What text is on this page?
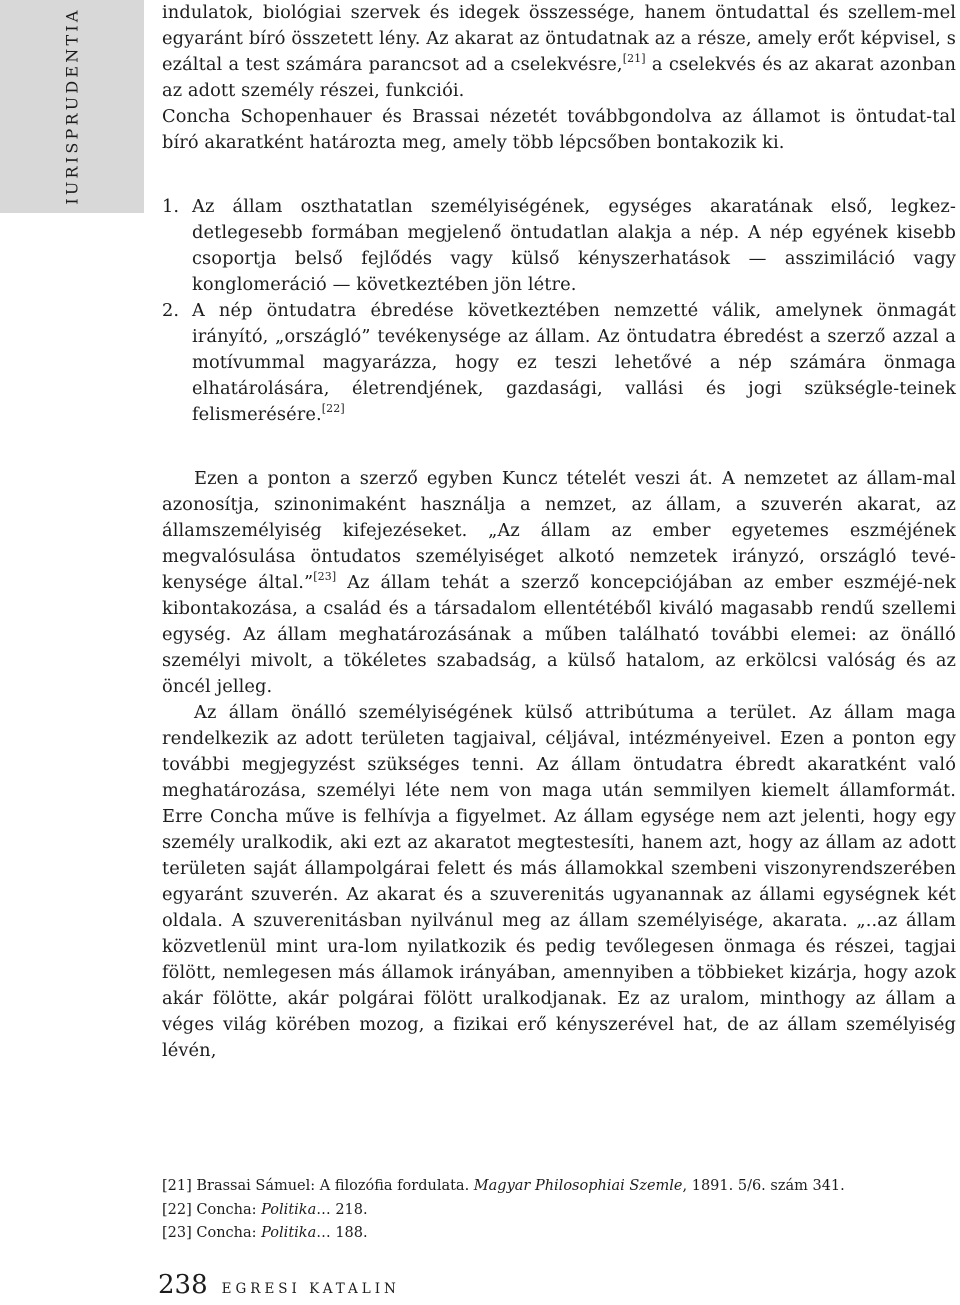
IURISPRUDENTIA	indulatok, biológiai szervek és idegek összessége, hanem öntudattal és szellem-mel egyaránt bíró összetett lény. Az akarat az öntudatnak az a része, amely erőt képvisel, s ezáltal a test számára parancsot ad a cselekvésre,[21] a cselekvés és az akarat azonban az adott személy részei, funkciói.

Concha Schopenhauer és Brassai nézetét továbbgondolva az államot is öntudat-tal bíró akaratként határozta meg, amely több lépcsőben bontakozik ki.

1. Az állam oszthatatlan személyiségének, egységes akaratának első, legkez-detlegesebb formában megjelenő öntudatlan alakja a nép. A nép egyének kisebb csoportja belső fejlődés vagy külső kényszerhatások — asszimiláció vagy konglomeráció — következtében jön létre.
2. A nép öntudatra ébredése következtében nemzetté válik, amelynek önmagát irányító, „országló” tevékenysége az állam. Az öntudatra ébredést a szerző azzal a motívummal magyarázza, hogy ez teszi lehetővé a nép számára önmaga elhatárolására, életrendjének, gazdasági, vallási és jogi szükségle-teinek felismerésére.[22]

Ezen a ponton a szerző egyben Kuncz tételét veszi át. A nemzetet az állam-mal azonosítja, szinonimaként használja a nemzet, az állam, a szuverén akarat, az államszemélyiség kifejezéseket. „Az állam az ember egyetemes eszméjének megvalósulása öntudatos személyiséget alkotó nemzetek irányzó, országló tevé-kenysége által.”[23] Az állam tehát a szerző koncepciójában az ember eszméjé-nek kibontakozása, a család és a társadalom ellentétéből kiváló magasabb rendű szellemi egység. Az állam meghatározásának a műben található további elemei: az önálló személyi mivolt, a tökéletes szabadság, a külső hatalom, az erkölcsi valóság és az öncél jelleg.

Az állam önálló személyiségének külső attribútuma a terület. Az állam maga rendelkezik az adott területen tagjaival, céljával, intézményeivel. Ezen a ponton egy további megjegyzést szükséges tenni. Az állam öntudatra ébredt akaratként való meghatározása, személyi léte nem von maga után semmilyen kiemelt államformát. Erre Concha műve is felhívja a figyelmet. Az állam egysége nem azt jelenti, hogy egy személy uralkodik, aki ezt az akaratot megtestesíti, hanem azt, hogy az állam az adott területen saját állampolgárai felett és más államokkal szembeni viszonyrendszerében egyaránt szuverén. Az akarat és a szuverenitás ugyanannak az állami egységnek két oldala. A szuverenitásban nyilvánul meg az állam személyisége, akarata. „..az állam közvetlenül mint ura-lom nyilatkozik és pedig tevőlegesen önmaga és részei, tagjai fölött, nemlegesen más államok irányában, amennyiben a többieket kizárja, hogy azok akár fölötte, akár polgárai fölött uralkodjanak. Ez az uralom, minthogy az állam a véges világ körében mozog, a fizikai erő kényszerével hat, de az állam személyiség lévén,

[21] Brassai Sámuel: A filozófia fordulata. Magyar Philosophiai Szemle, 1891. 5/6. szám 341.

[22] Concha: Politika… 218.

[23] Concha: Politika… 188.

238 EGRESI KATALIN
